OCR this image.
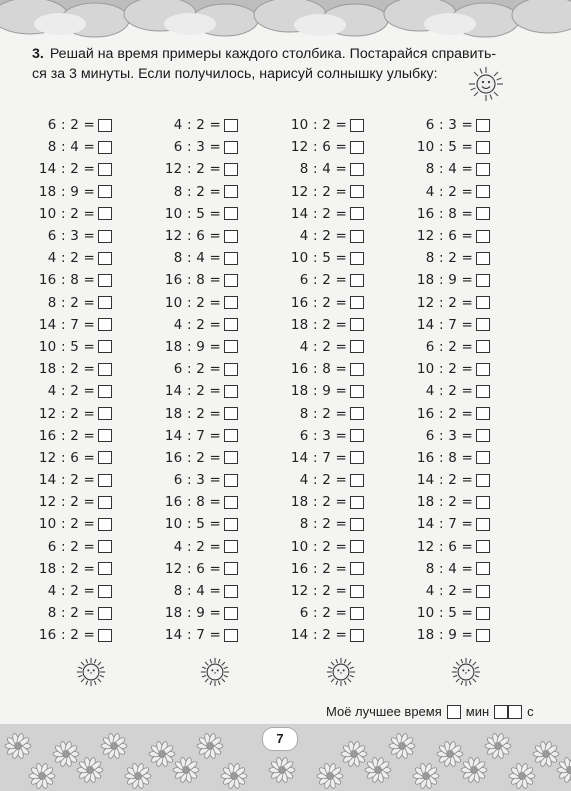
3. Решай на время примеры каждого столбика. Постарайся справить-
ся за 3 минуты. Если получилось, нарисуй солнышку улыбку:
6 : 2 =
8 : 4 =
14 : 2 =
18 : 9 =
10 : 2 =
6 : 3 =
4 : 2 =
16 : 8 =
8 : 2 =
14 : 7 =
10 : 5 =
18 : 2 =
4 : 2 =
12 : 2 =
16 : 2 =
12 : 6 =
14 : 2 =
12 : 2 =
10 : 2 =
6 : 2 =
18 : 2 =
4 : 2 =
8 : 2 =
16 : 2 =
4 : 2 =
6 : 3 =
12 : 2 =
8 : 2 =
10 : 5 =
12 : 6 =
8 : 4 =
16 : 8 =
10 : 2 =
4 : 2 =
18 : 9 =
6 : 2 =
14 : 2 =
18 : 2 =
14 : 7 =
16 : 2 =
6 : 3 =
16 : 8 =
10 : 5 =
4 : 2 =
12 : 6 =
8 : 4 =
18 : 9 =
14 : 7 =
10 : 2 =
12 : 6 =
8 : 4 =
12 : 2 =
14 : 2 =
4 : 2 =
10 : 5 =
6 : 2 =
16 : 2 =
18 : 2 =
4 : 2 =
16 : 8 =
18 : 9 =
8 : 2 =
6 : 3 =
14 : 7 =
4 : 2 =
18 : 2 =
8 : 2 =
10 : 2 =
16 : 2 =
12 : 2 =
6 : 2 =
14 : 2 =
6 : 3 =
10 : 5 =
8 : 4 =
4 : 2 =
16 : 8 =
12 : 6 =
8 : 2 =
18 : 9 =
12 : 2 =
14 : 7 =
6 : 2 =
10 : 2 =
4 : 2 =
16 : 2 =
6 : 3 =
16 : 8 =
14 : 2 =
18 : 2 =
14 : 7 =
12 : 6 =
8 : 4 =
4 : 2 =
10 : 5 =
18 : 9 =
Моё лучшее время мин	с
7
